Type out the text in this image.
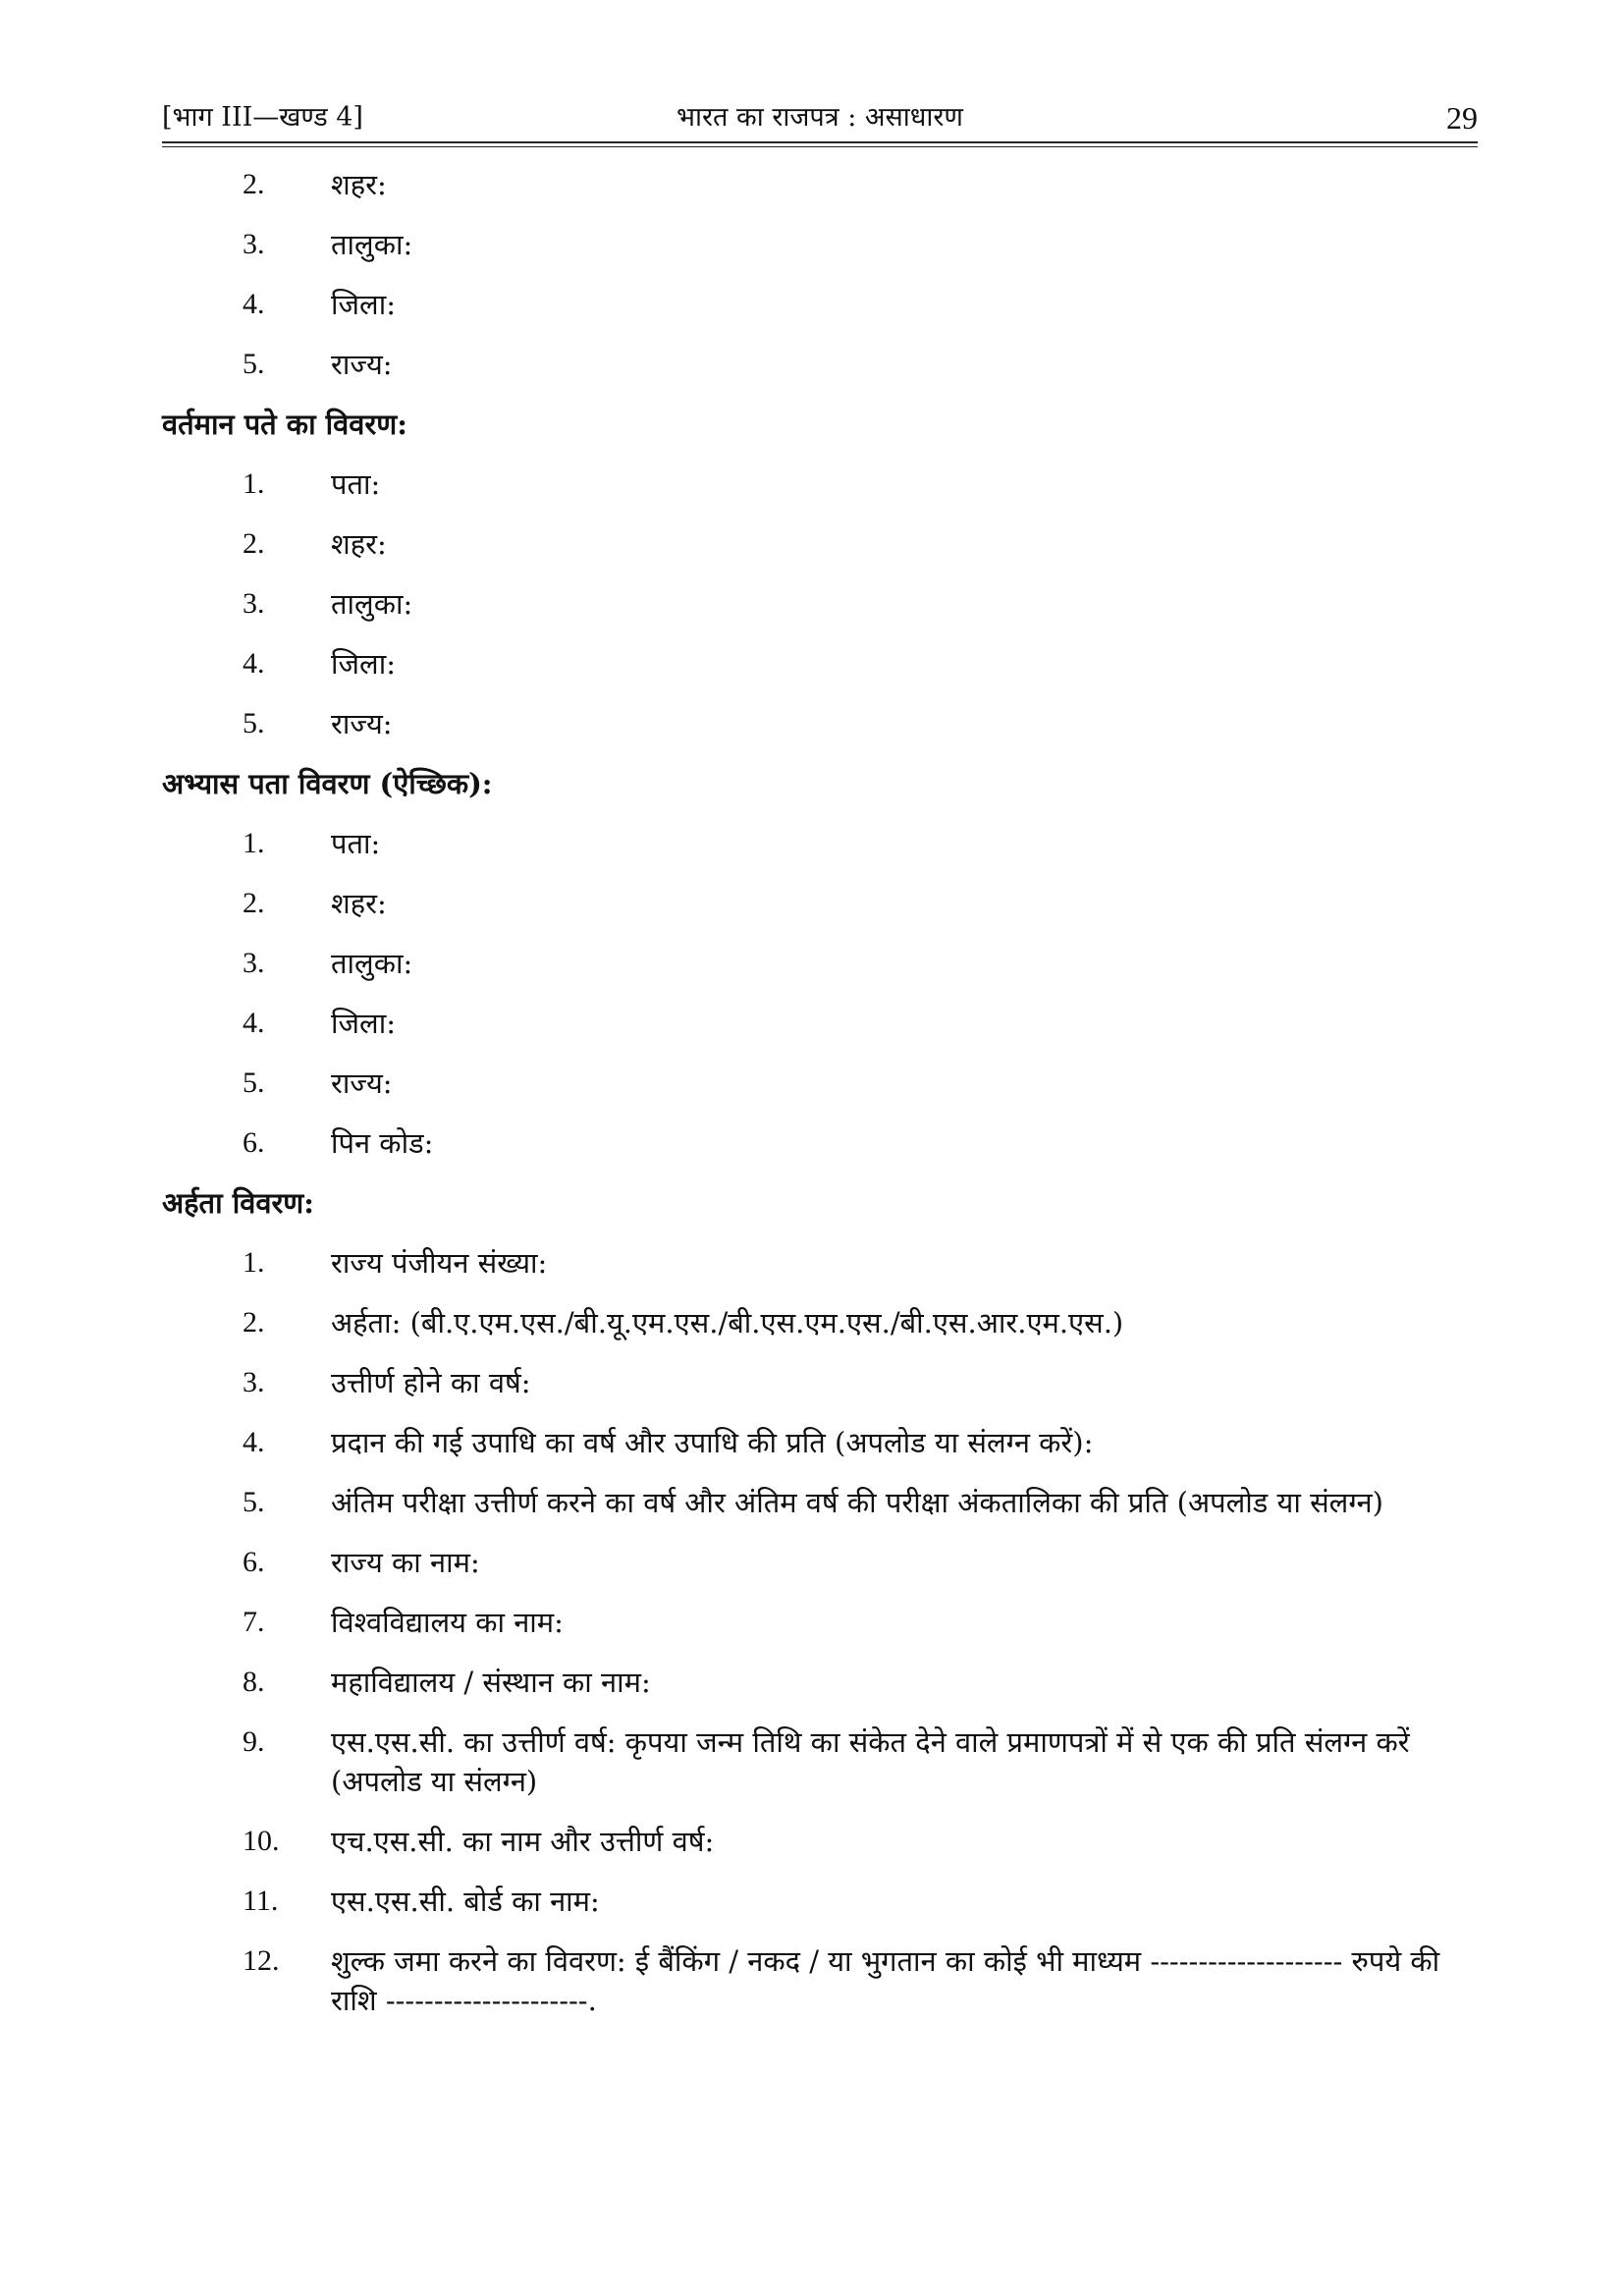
[भाग III—खण्ड 4]	भारत का राजपत्र : असाधारण	29
2.	शहर:
3.	तालुका:
4.	जिला:
5.	राज्य:
वर्तमान पते का विवरण:
1.	पता:
2.	शहर:
3.	तालुका:
4.	जिला:
5.	राज्य:
अभ्यास पता विवरण (ऐच्छिक):
1.	पता:
2.	शहर:
3.	तालुका:
4.	जिला:
5.	राज्य:
6.	पिन कोड:
अर्हता विवरण:
1.	राज्य पंजीयन संख्या:
2.	अर्हता: (बी.ए.एम.एस./बी.यू.एम.एस./बी.एस.एम.एस./बी.एस.आर.एम.एस.)
3.	उत्तीर्ण होने का वर्ष:
4.	प्रदान की गई उपाधि का वर्ष और उपाधि की प्रति (अपलोड या संलग्न करें):
5.	अंतिम परीक्षा उत्तीर्ण करने का वर्ष और अंतिम वर्ष की परीक्षा अंकतालिका की प्रति (अपलोड या संलग्न)
6.	राज्य का नाम:
7.	विश्वविद्यालय का नाम:
8.	महाविद्यालय / संस्थान का नाम:
9.	एस.एस.सी. का उत्तीर्ण वर्ष: कृपया जन्म तिथि का संकेत देने वाले प्रमाणपत्रों में से एक की प्रति संलग्न करें (अपलोड या संलग्न)
10.	एच.एस.सी. का नाम और उत्तीर्ण वर्ष:
11.	एस.एस.सी. बोर्ड का नाम:
12.	शुल्क जमा करने का विवरण: ई बैंकिंग / नकद / या भुगतान का कोई भी माध्यम -------------------- रुपये की राशि ---------------------.
